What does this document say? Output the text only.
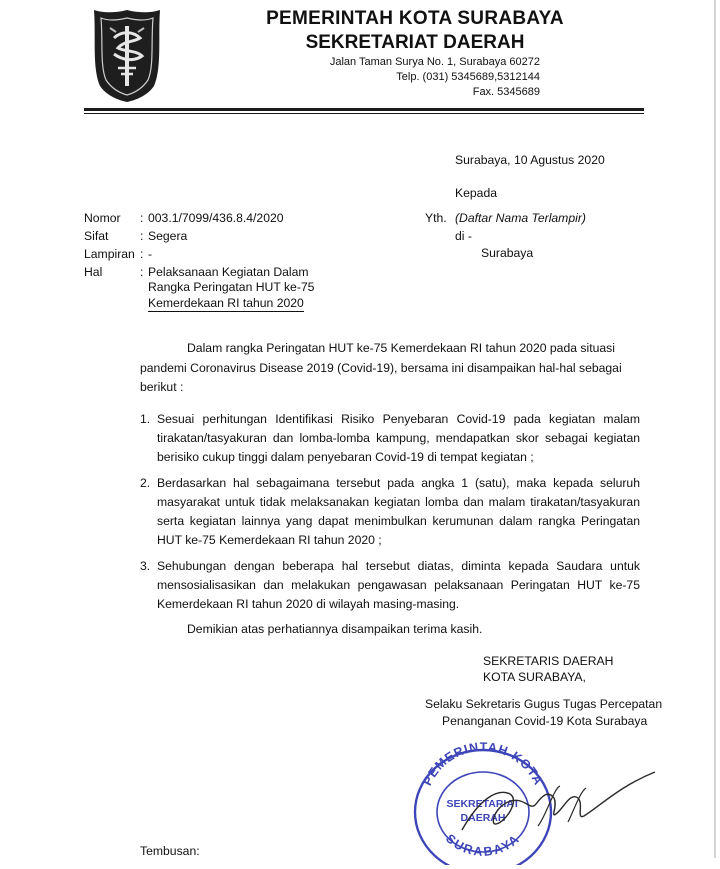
PEMERINTAH KOTA SURABAYA
SEKRETARIAT DAERAH
Jalan Taman Surya No. 1, Surabaya 60272
Telp. (031) 5345689,5312144
Fax. 5345689
Surabaya, 10 Agustus 2020
Kepada
Yth. (Daftar Nama Terlampir)
di -
Surabaya
Nomor : 003.1/7099/436.8.4/2020
Sifat	: Segera
Lampiran : -
Hal	: Pelaksanaan Kegiatan Dalam
Rangka Peringatan HUT ke-75
Kemerdekaan RI tahun 2020
Dalam rangka Peringatan HUT ke-75 Kemerdekaan RI tahun 2020 pada situasi
pandemi Coronavirus Disease 2019 (Covid-19), bersama ini disampaikan hal-hal sebagai
berikut :
1. Sesuai perhitungan Identifikasi Risiko Penyebaran Covid-19 pada kegiatan malam tirakatan/tasyakuran dan lomba-lomba kampung, mendapatkan skor sebagai kegiatan berisiko cukup tinggi dalam penyebaran Covid-19 di tempat kegiatan ;
2. Berdasarkan hal sebagaimana tersebut pada angka 1 (satu), maka kepada seluruh masyarakat untuk tidak melaksanakan kegiatan lomba dan malam tirakatan/tasyakuran serta kegiatan lainnya yang dapat menimbulkan kerumunan dalam rangka Peringatan HUT ke-75 Kemerdekaan RI tahun 2020 ;
3. Sehubungan dengan beberapa hal tersebut diatas, diminta kepada Saudara untuk mensosialisasikan dan melakukan pengawasan pelaksanaan Peringatan HUT ke-75 Kemerdekaan RI tahun 2020 di wilayah masing-masing.
Demikian atas perhatiannya disampaikan terima kasih.
SEKRETARIS DAERAH
KOTA SURABAYA,
Selaku Sekretaris Gugus Tugas Percepatan
Penanganan Covid-19 Kota Surabaya
PEMERINTAH KOTA
SURABAYA
SEKRETARIAT
DAERAH
Tembusan:
